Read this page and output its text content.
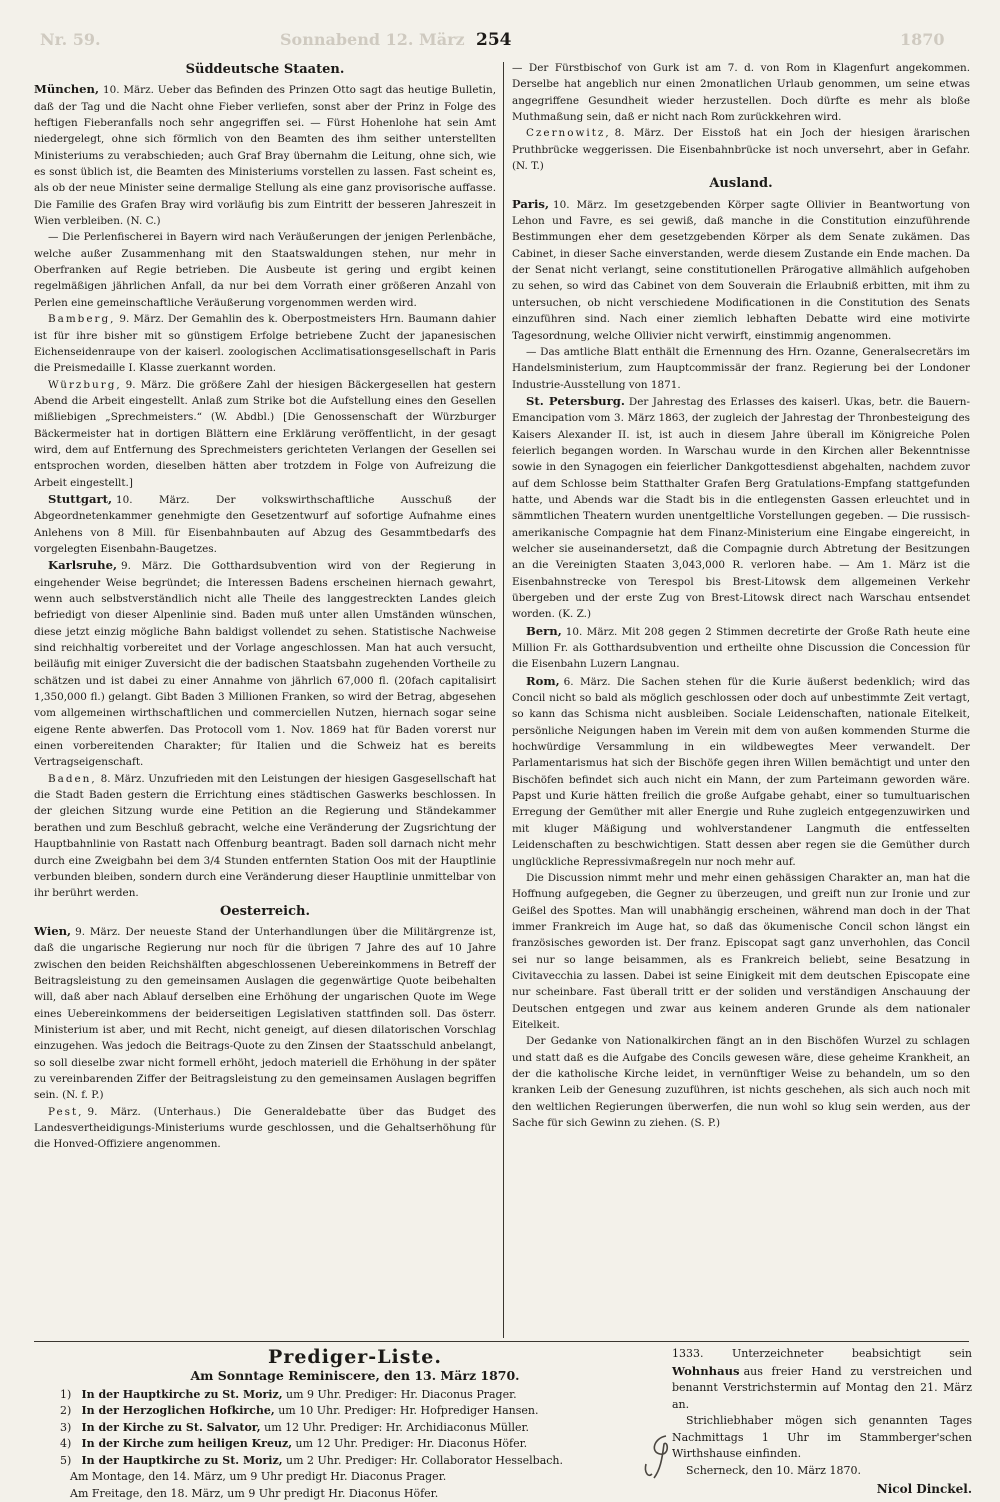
Nr. 59.	Sonnabend 12. März 254	1870

Süddeutsche Staaten.

München, 10. März. Ueber das Befinden des Prinzen Otto sagt das heutige Bulletin, daß der Tag und die Nacht ohne Fieber verliefen, sonst aber der Prinz in Folge des heftigen Fieberanfalls noch sehr angegriffen sei. — Fürst Hohenlohe hat sein Amt niedergelegt, ohne sich förmlich von den Beamten des ihm seither unterstellten Ministeriums zu verabschieden; auch Graf Bray übernahm die Leitung, ohne sich, wie es sonst üblich ist, die Beamten des Ministeriums vorstellen zu lassen. Fast scheint es, als ob der neue Minister seine dermalige Stellung als eine ganz provisorische auffasse. Die Familie des Grafen Bray wird vorläufig bis zum Eintritt der besseren Jahreszeit in Wien verbleiben. (N. C.)

— Die Perlenfischerei in Bayern wird nach Veräußerungen der jenigen Perlenbäche, welche außer Zusammenhang mit den Staatswaldungen stehen, nur mehr in Oberfranken auf Regie betrieben. Die Ausbeute ist gering und ergibt keinen regelmäßigen jährlichen Anfall, da nur bei dem Vorrath einer größeren Anzahl von Perlen eine gemeinschaftliche Veräußerung vorgenommen werden wird.

Bamberg, 9. März. Der Gemahlin des k. Oberpostmeisters Hrn. Baumann dahier ist für ihre bisher mit so günstigem Erfolge betriebene Zucht der japanesischen Eichenseidenraupe von der kaiserl. zoologischen Acclimatisationsgesellschaft in Paris die Preismedaille I. Klasse zuerkannt worden.

Würzburg, 9. März. Die größere Zahl der hiesigen Bäckergesellen hat gestern Abend die Arbeit eingestellt. Anlaß zum Strike bot die Aufstellung eines den Gesellen mißliebigen „Sprechmeisters.“ (W. Abdbl.) [Die Genossenschaft der Würzburger Bäckermeister hat in dortigen Blättern eine Erklärung veröffentlicht, in der gesagt wird, dem auf Entfernung des Sprechmeisters gerichteten Verlangen der Gesellen sei entsprochen worden, dieselben hätten aber trotzdem in Folge von Aufreizung die Arbeit eingestellt.]

Stuttgart, 10. März. Der volkswirthschaftliche Ausschuß der Abgeordnetenkammer genehmigte den Gesetzentwurf auf sofortige Aufnahme eines Anlehens von 8 Mill. für Eisenbahnbauten auf Abzug des Gesammtbedarfs des vorgelegten Eisenbahn-Baugetzes.

Karlsruhe, 9. März. Die Gotthardsubvention wird von der Regierung in eingehender Weise begründet; die Interessen Badens erscheinen hiernach gewahrt, wenn auch selbstverständlich nicht alle Theile des langgestreckten Landes gleich befriedigt von dieser Alpenlinie sind. Baden muß unter allen Umständen wünschen, diese jetzt einzig mögliche Bahn baldigst vollendet zu sehen. Statistische Nachweise sind reichhaltig vorbereitet und der Vorlage angeschlossen. Man hat auch versucht, beiläufig mit einiger Zuversicht die der badischen Staatsbahn zugehenden Vortheile zu schätzen und ist dabei zu einer Annahme von jährlich 67,000 fl. (20fach capitalisirt 1,350,000 fl.) gelangt. Gibt Baden 3 Millionen Franken, so wird der Betrag, abgesehen vom allgemeinen wirthschaftlichen und commerciellen Nutzen, hiernach sogar seine eigene Rente abwerfen. Das Protocoll vom 1. Nov. 1869 hat für Baden vorerst nur einen vorbereitenden Charakter; für Italien und die Schweiz hat es bereits Vertragseigenschaft.

Baden, 8. März. Unzufrieden mit den Leistungen der hiesigen Gasgesellschaft hat die Stadt Baden gestern die Errichtung eines städtischen Gaswerks beschlossen. In der gleichen Sitzung wurde eine Petition an die Regierung und Ständekammer berathen und zum Beschluß gebracht, welche eine Veränderung der Zugsrichtung der Hauptbahnlinie von Rastatt nach Offenburg beantragt. Baden soll darnach nicht mehr durch eine Zweigbahn bei dem 3/4 Stunden entfernten Station Oos mit der Hauptlinie verbunden bleiben, sondern durch eine Veränderung dieser Hauptlinie unmittelbar von ihr berührt werden.

Oesterreich.

Wien, 9. März. Der neueste Stand der Unterhandlungen über die Militärgrenze ist, daß die ungarische Regierung nur noch für die übrigen 7 Jahre des auf 10 Jahre zwischen den beiden Reichshälften abgeschlossenen Uebereinkommens in Betreff der Beitragsleistung zu den gemeinsamen Auslagen die gegenwärtige Quote beibehalten will, daß aber nach Ablauf derselben eine Erhöhung der ungarischen Quote im Wege eines Uebereinkommens der beiderseitigen Legislativen stattfinden soll. Das österr. Ministerium ist aber, und mit Recht, nicht geneigt, auf diesen dilatorischen Vorschlag einzugehen. Was jedoch die Beitrags-Quote zu den Zinsen der Staatsschuld anbelangt, so soll dieselbe zwar nicht formell erhöht, jedoch materiell die Erhöhung in der später zu vereinbarenden Ziffer der Beitragsleistung zu den gemeinsamen Auslagen begriffen sein. (N. f. P.)

Pest, 9. März. (Unterhaus.) Die Generaldebatte über das Budget des Landesvertheidigungs-Ministeriums wurde geschlossen, und die Gehaltserhöhung für die Honved-Offiziere angenommen.

— Der Fürstbischof von Gurk ist am 7. d. von Rom in Klagenfurt angekommen. Derselbe hat angeblich nur einen 2monatlichen Urlaub genommen, um seine etwas angegriffene Gesundheit wieder herzustellen. Doch dürfte es mehr als bloße Muthmaßung sein, daß er nicht nach Rom zurückkehren wird.

Czernowitz, 8. März. Der Eisstoß hat ein Joch der hiesigen ärarischen Pruthbrücke weggerissen. Die Eisenbahnbrücke ist noch unversehrt, aber in Gefahr. (N. T.)

Ausland.

Paris, 10. März. Im gesetzgebenden Körper sagte Ollivier in Beantwortung von Lehon und Favre, es sei gewiß, daß manche in die Constitution einzuführende Bestimmungen eher dem gesetzgebenden Körper als dem Senate zukämen. Das Cabinet, in dieser Sache einverstanden, werde diesem Zustande ein Ende machen. Da der Senat nicht verlangt, seine constitutionellen Prärogative allmählich aufgehoben zu sehen, so wird das Cabinet von dem Souverain die Erlaubniß erbitten, mit ihm zu untersuchen, ob nicht verschiedene Modificationen in die Constitution des Senats einzuführen sind. Nach einer ziemlich lebhaften Debatte wird eine motivirte Tagesordnung, welche Ollivier nicht verwirft, einstimmig angenommen.

— Das amtliche Blatt enthält die Ernennung des Hrn. Ozanne, Generalsecretärs im Handelsministerium, zum Hauptcommissär der franz. Regierung bei der Londoner Industrie-Ausstellung von 1871.

St. Petersburg. Der Jahrestag des Erlasses des kaiserl. Ukas, betr. die Bauern-Emancipation vom 3. März 1863, der zugleich der Jahrestag der Thronbesteigung des Kaisers Alexander II. ist, ist auch in diesem Jahre überall im Königreiche Polen feierlich begangen worden. In Warschau wurde in den Kirchen aller Bekenntnisse sowie in den Synagogen ein feierlicher Dankgottesdienst abgehalten, nachdem zuvor auf dem Schlosse beim Statthalter Grafen Berg Gratulations-Empfang stattgefunden hatte, und Abends war die Stadt bis in die entlegensten Gassen erleuchtet und in sämmtlichen Theatern wurden unentgeltliche Vorstellungen gegeben. — Die russisch-amerikanische Compagnie hat dem Finanz-Ministerium eine Eingabe eingereicht, in welcher sie auseinandersetzt, daß die Compagnie durch Abtretung der Besitzungen an die Vereinigten Staaten 3,043,000 R. verloren habe. — Am 1. März ist die Eisenbahnstrecke von Terespol bis Brest-Litowsk dem allgemeinen Verkehr übergeben und der erste Zug von Brest-Litowsk direct nach Warschau entsendet worden. (K. Z.)

Bern, 10. März. Mit 208 gegen 2 Stimmen decretirte der Große Rath heute eine Million Fr. als Gotthardsubvention und ertheilte ohne Discussion die Concession für die Eisenbahn Luzern Langnau.

Rom, 6. März. Die Sachen stehen für die Kurie äußerst bedenklich; wird das Concil nicht so bald als möglich geschlossen oder doch auf unbestimmte Zeit vertagt, so kann das Schisma nicht ausbleiben. Sociale Leidenschaften, nationale Eitelkeit, persönliche Neigungen haben im Verein mit dem von außen kommenden Sturme die hochwürdige Versammlung in ein wildbewegtes Meer verwandelt. Der Parlamentarismus hat sich der Bischöfe gegen ihren Willen bemächtigt und unter den Bischöfen befindet sich auch nicht ein Mann, der zum Parteimann geworden wäre. Papst und Kurie hätten freilich die große Aufgabe gehabt, einer so tumultuarischen Erregung der Gemüther mit aller Energie und Ruhe zugleich entgegenzuwirken und mit kluger Mäßigung und wohlverstandener Langmuth die entfesselten Leidenschaften zu beschwichtigen. Statt dessen aber regen sie die Gemüther durch unglückliche Repressivmaßregeln nur noch mehr auf.

Die Discussion nimmt mehr und mehr einen gehässigen Charakter an, man hat die Hoffnung aufgegeben, die Gegner zu überzeugen, und greift nun zur Ironie und zur Geißel des Spottes. Man will unabhängig erscheinen, während man doch in der That immer Frankreich im Auge hat, so daß das ökumenische Concil schon längst ein französisches geworden ist. Der franz. Episcopat sagt ganz unverhohlen, das Concil sei nur so lange beisammen, als es Frankreich beliebt, seine Besatzung in Civitavecchia zu lassen. Dabei ist seine Einigkeit mit dem deutschen Episcopate eine nur scheinbare. Fast überall tritt er der soliden und verständigen Anschauung der Deutschen entgegen und zwar aus keinem anderen Grunde als dem nationaler Eitelkeit.

Der Gedanke von Nationalkirchen fängt an in den Bischöfen Wurzel zu schlagen und statt daß es die Aufgabe des Concils gewesen wäre, diese geheime Krankheit, an der die katholische Kirche leidet, in vernünftiger Weise zu behandeln, um so den kranken Leib der Genesung zuzuführen, ist nichts geschehen, als sich auch noch mit den weltlichen Regierungen überwerfen, die nun wohl so klug sein werden, aus der Sache für sich Gewinn zu ziehen. (S. P.)

Prediger-Liste.

Am Sonntage Reminiscere, den 13. März 1870.

1) In der Hauptkirche zu St. Moriz, um 9 Uhr. Prediger: Hr. Diaconus Prager.

2) In der Herzoglichen Hofkirche, um 10 Uhr. Prediger: Hr. Hofprediger Hansen.

3) In der Kirche zu St. Salvator, um 12 Uhr. Prediger: Hr. Archidiaconus Müller.

4) In der Kirche zum heiligen Kreuz, um 12 Uhr. Prediger: Hr. Diaconus Höfer.

5) In der Hauptkirche zu St. Moriz, um 2 Uhr. Prediger: Hr. Collaborator Hesselbach.

Am Montage, den 14. März, um 9 Uhr predigt Hr. Diaconus Prager.

Am Freitage, den 18. März, um 9 Uhr predigt Hr. Diaconus Höfer.

1333.	Unterzeichneter beabsichtigt sein Wohnhaus aus freier Hand zu verstreichen und benannt Verstrichstermin auf Montag den 21. März an.

Strichliebhaber mögen sich genannten Tages Nachmittags 1 Uhr im Stammberger'schen Wirthshause einfinden.

Scherneck, den 10. März 1870.

Nicol Dinckel.
